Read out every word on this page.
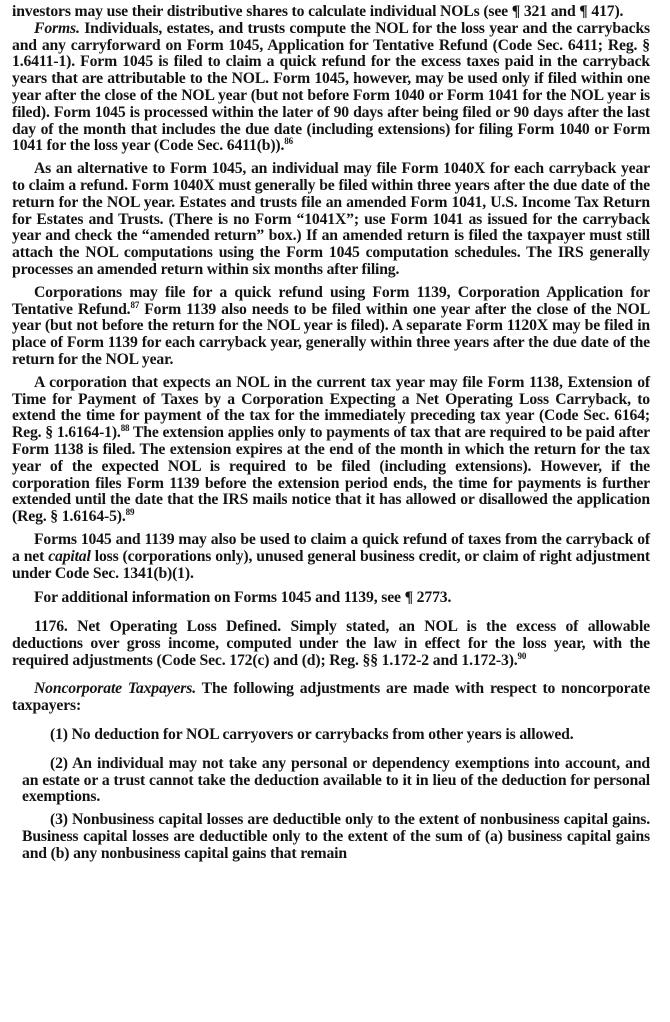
investors may use their distributive shares to calculate individual NOLs (see ¶ 321 and ¶ 417).

Forms. Individuals, estates, and trusts compute the NOL for the loss year and the carrybacks and any carryforward on Form 1045, Application for Tentative Refund (Code Sec. 6411; Reg. § 1.6411-1). Form 1045 is filed to claim a quick refund for the excess taxes paid in the carryback years that are attributable to the NOL. Form 1045, however, may be used only if filed within one year after the close of the NOL year (but not before Form 1040 or Form 1041 for the NOL year is filed). Form 1045 is processed within the later of 90 days after being filed or 90 days after the last day of the month that includes the due date (including extensions) for filing Form 1040 or Form 1041 for the loss year (Code Sec. 6411(b)).$^{86}$

As an alternative to Form 1045, an individual may file Form 1040X for each carryback year to claim a refund. Form 1040X must generally be filed within three years after the due date of the return for the NOL year. Estates and trusts file an amended Form 1041, U.S. Income Tax Return for Estates and Trusts. (There is no Form “1041X”; use Form 1041 as issued for the carryback year and check the “amended return” box.) If an amended return is filed the taxpayer must still attach the NOL computations using the Form 1045 computation schedules. The IRS generally processes an amended return within six months after filing.

Corporations may file for a quick refund using Form 1139, Corporation Application for Tentative Refund.$^{87}$ Form 1139 also needs to be filed within one year after the close of the NOL year (but not before the return for the NOL year is filed). A separate Form 1120X may be filed in place of Form 1139 for each carryback year, generally within three years after the due date of the return for the NOL year.

A corporation that expects an NOL in the current tax year may file Form 1138, Extension of Time for Payment of Taxes by a Corporation Expecting a Net Operating Loss Carryback, to extend the time for payment of the tax for the immediately preceding tax year (Code Sec. 6164; Reg. § 1.6164-1).$^{88}$ The extension applies only to payments of tax that are required to be paid after Form 1138 is filed. The extension expires at the end of the month in which the return for the tax year of the expected NOL is required to be filed (including extensions). However, if the corporation files Form 1139 before the extension period ends, the time for payments is further extended until the date that the IRS mails notice that it has allowed or disallowed the application (Reg. § 1.6164-5).$^{89}$

Forms 1045 and 1139 may also be used to claim a quick refund of taxes from the carryback of a net capital loss (corporations only), unused general business credit, or claim of right adjustment under Code Sec. 1341(b)(1).

For additional information on Forms 1045 and 1139, see ¶ 2773.

1176. Net Operating Loss Defined. Simply stated, an NOL is the excess of allowable deductions over gross income, computed under the law in effect for the loss year, with the required adjustments (Code Sec. 172(c) and (d); Reg. §§ 1.172-2 and 1.172-3).$^{90}$

Noncorporate Taxpayers. The following adjustments are made with respect to noncorporate taxpayers:

(1) No deduction for NOL carryovers or carrybacks from other years is allowed.

(2) An individual may not take any personal or dependency exemptions into account, and an estate or a trust cannot take the deduction available to it in lieu of the deduction for personal exemptions.

(3) Nonbusiness capital losses are deductible only to the extent of nonbusiness capital gains. Business capital losses are deductible only to the extent of the sum of (a) business capital gains and (b) any nonbusiness capital gains that remain
